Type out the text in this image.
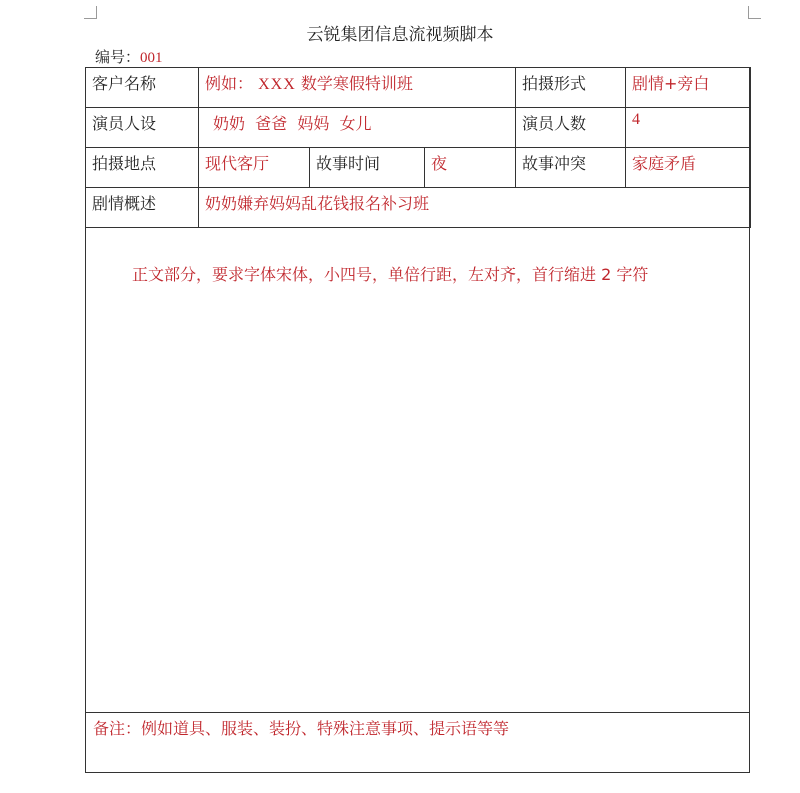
云锐集团信息流视频脚本
编号：001
客户名称	例如： XXX 数学寒假特训班			拍摄形式	剧情+旁白
演员人设	奶奶  爸爸  妈妈  女儿			演员人数	4
拍摄地点	现代客厅	故事时间	夜	故事冲突	家庭矛盾
剧情概述	奶奶嫌弃妈妈乱花钱报名补习班				
正文部分，要求字体宋体，小四号，单倍行距，左对齐，首行缩进 2 字符
备注：例如道具、服装、装扮、特殊注意事项、提示语等等
